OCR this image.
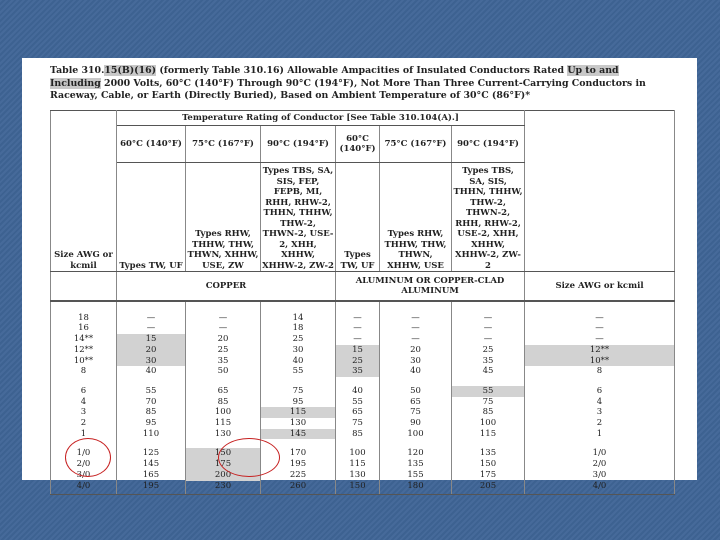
Table 310.15(B)(16) (formerly Table 310.16) Allowable Ampacities of Insulated Conductors Rated Up to and Including 2000 Volts, 60°C (140°F) Through 90°C (194°F), Not More Than Three Current-Carrying Conductors in Raceway, Cable, or Earth (Directly Buried), Based on Ambient Temperature of 30°C (86°F)*
	Temperature Rating of Conductor [See Table 310.104(A).]						
	60°C (140°F)	75°C (167°F)	90°C (194°F)	60°C (140°F)	75°C (167°F)	90°C (194°F)	
Size AWG or kcmil	Types TW, UF	Types RHW, THHW, THW, THWN, XHHW, USE, ZW	Types TBS, SA, SIS, FEP, FEPB, MI, RHH, RHW-2, THHN, THHW, THW-2, THWN-2, USE-2, XHH, XHHW, XHHW-2, ZW-2	Types TW, UF	Types RHW, THHW, THW, THWN, XHHW, USE	Types TBS, SA, SIS, THHN, THHW, THW-2, THWN-2, RHH, RHW-2, USE-2, XHH, XHHW, XHHW-2, ZW-2	
	COPPER			ALUMINUM OR COPPER-CLAD ALUMINUM			Size AWG or kcmil

18	—	—	14	—	—	—	—
16	—	—	18	—	—	—	—
14**	15	20	25	—	—	—	—
12**	20	25	30	15	20	25	12**
10**	30	35	40	25	30	35	10**
8	40	50	55	35	40	45	8

6	55	65	75	40	50	55	6
4	70	85	95	55	65	75	4
3	85	100	115	65	75	85	3
2	95	115	130	75	90	100	2
1	110	130	145	85	100	115	1

1/0	125	150	170	100	120	135	1/0
2/0	145	175	195	115	135	150	2/0
3/0	165	200	225	130	155	175	3/0
4/0	195	230	260	150	180	205	4/0
